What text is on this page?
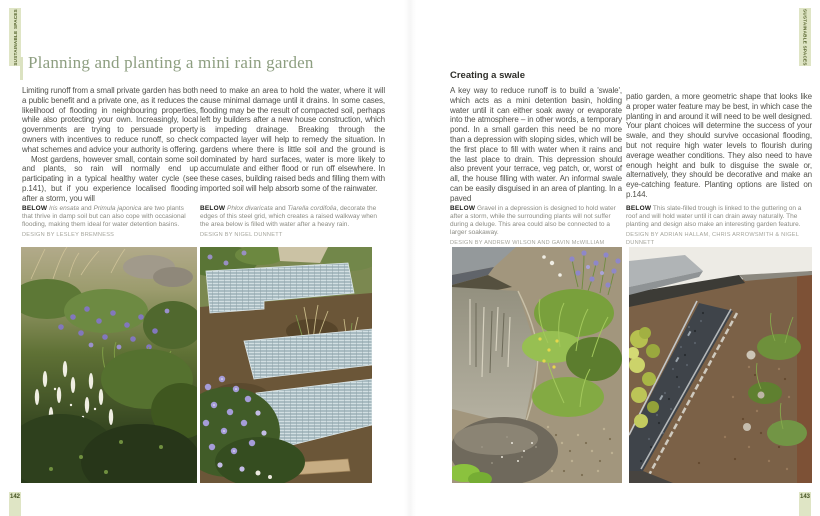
SUSTAINABLE SPACES	SUSTAINABLE SPACES
Planning and planting a mini rain garden

Limiting runoff from a small private garden has both a public benefit and a private one, as it reduces the likelihood of flooding in neighbouring properties, while also protecting your own. Increasingly, local governments are trying to persuade property owners with incentives to reduce runoff, so check what schemes and advice your authority is offering.

Most gardens, however small, contain some soil and plants, so rain will normally end up participating in a typical healthy water cycle (see p.141), but if you experience localised flooding after a storm, you will

need to make an area to hold the water, where it will cause minimal damage until it drains. In some cases, flooding may be the result of compacted soil, perhaps left by builders after a new house construction, which is impeding drainage. Breaking through the compacted layer will help to remedy the situation. In gardens where there is little soil and the ground is dominated by hard surfaces, water is more likely to accumulate and either flood or run off elsewhere. In these cases, building raised beds and filling them with imported soil will help absorb some of the rainwater.
Creating a swale
A key way to reduce runoff is to build a 'swale', which acts as a mini detention basin, holding water until it can either soak away or evaporate into the atmosphere – in other words, a temporary pond. In a small garden this need be no more than a depression with sloping sides, which will be the first place to fill with water when it rains and the last place to drain. This depression should also prevent your terrace, veg patch, or, worst of all, the house filling with water. An informal swale can be easily disguised in an area of planting. In a paved
patio garden, a more geometric shape that looks like a proper water feature may be best, in which case the planting in and around it will need to be well designed. Your plant choices will determine the success of your swale, and they should survive occasional flooding, but not require high water levels to flourish during average weather conditions. They also need to have enough height and bulk to disguise the swale or, alternatively, they should be decorative and make an eye-catching feature. Planting options are listed on p.144.
BELOW Iris ensata and Primula japonica are two plants that thrive in damp soil but can also cope with occasional flooding, making them ideal for water detention basins.
DESIGN BY LESLEY BREMNESS
BELOW Phlox divaricata and Tiarella cordifolia, decorate the edges of this steel grid, which creates a raised walkway when the area below is filled with water after a heavy rain.
DESIGN BY NIGEL DUNNETT
BELOW Gravel in a depression is designed to hold water after a storm, while the surrounding plants will not suffer during a deluge. This area could also be connected to a larger soakaway.
DESIGN BY ANDREW WILSON AND GAVIN McWILLIAM
BELOW This slate-filled trough is linked to the guttering on a roof and will hold water until it can drain away naturally. The planting and design also make an interesting garden feature.
DESIGN BY ADRIAN HALLAM, CHRIS ARROWSMITH & NIGEL DUNNETT
142	143
